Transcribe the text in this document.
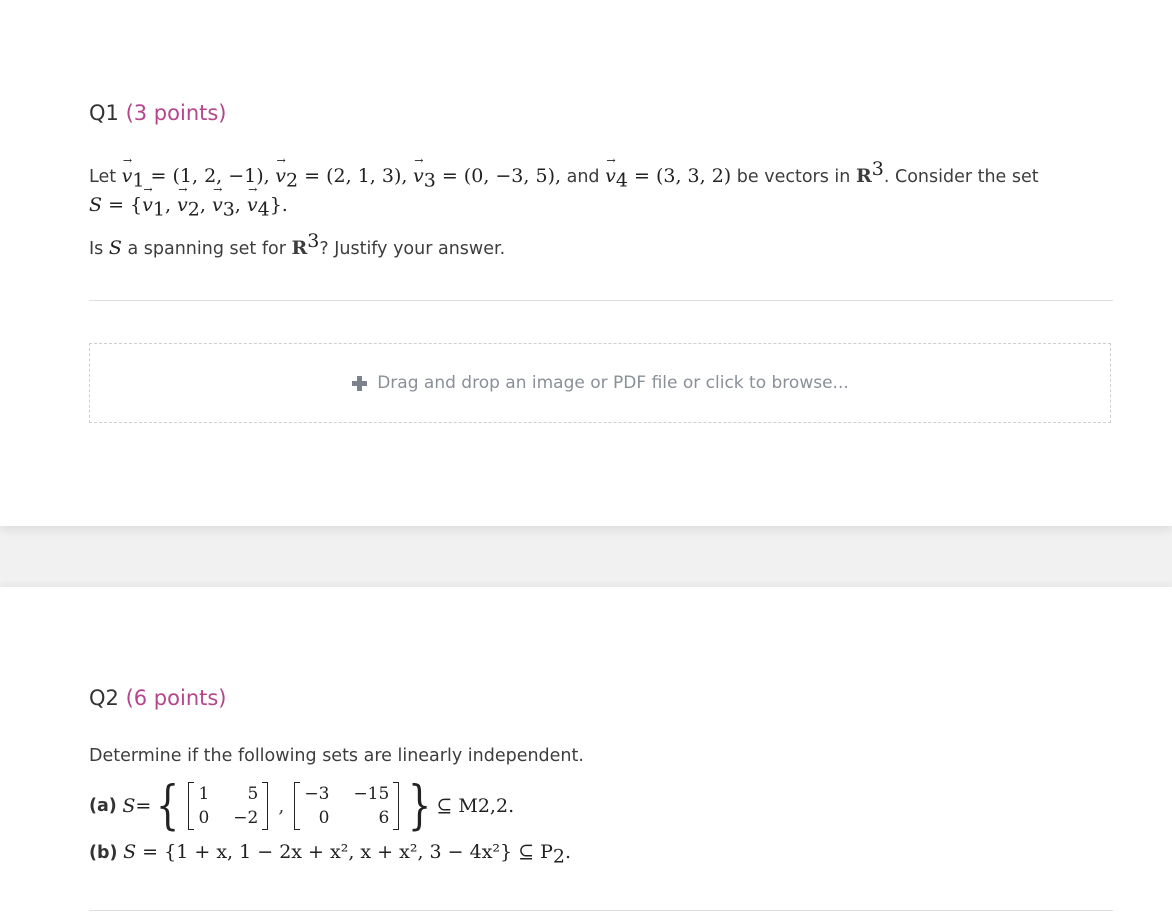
Q1 (3 points)
Let → $v_1 = (1$, 2, −1), → $v_2 = (2$, 1, 3), → $v_3 = (0$, −3, 5), and → $v_4 = (3$, 3, 2) be vectors in $R^3$. Consider the set
S = {→ $v_1$, → $v_2$, → $v_3$, → $v_4$}.
Is S a spanning set for $R^3$? Justify your answer.
Drag and drop an image or PDF file or click to browse...
Q2 (6 points)
Determine if the following sets are linearly independent.
(a)
S = { 1	5
0 −2
,
−3 −15
0	6 } ⊆ M 2,2 .
(b) S = {1 + x, 1 − 2x + x², x + x², 3 − 4x²} ⊆ $P_2$.
